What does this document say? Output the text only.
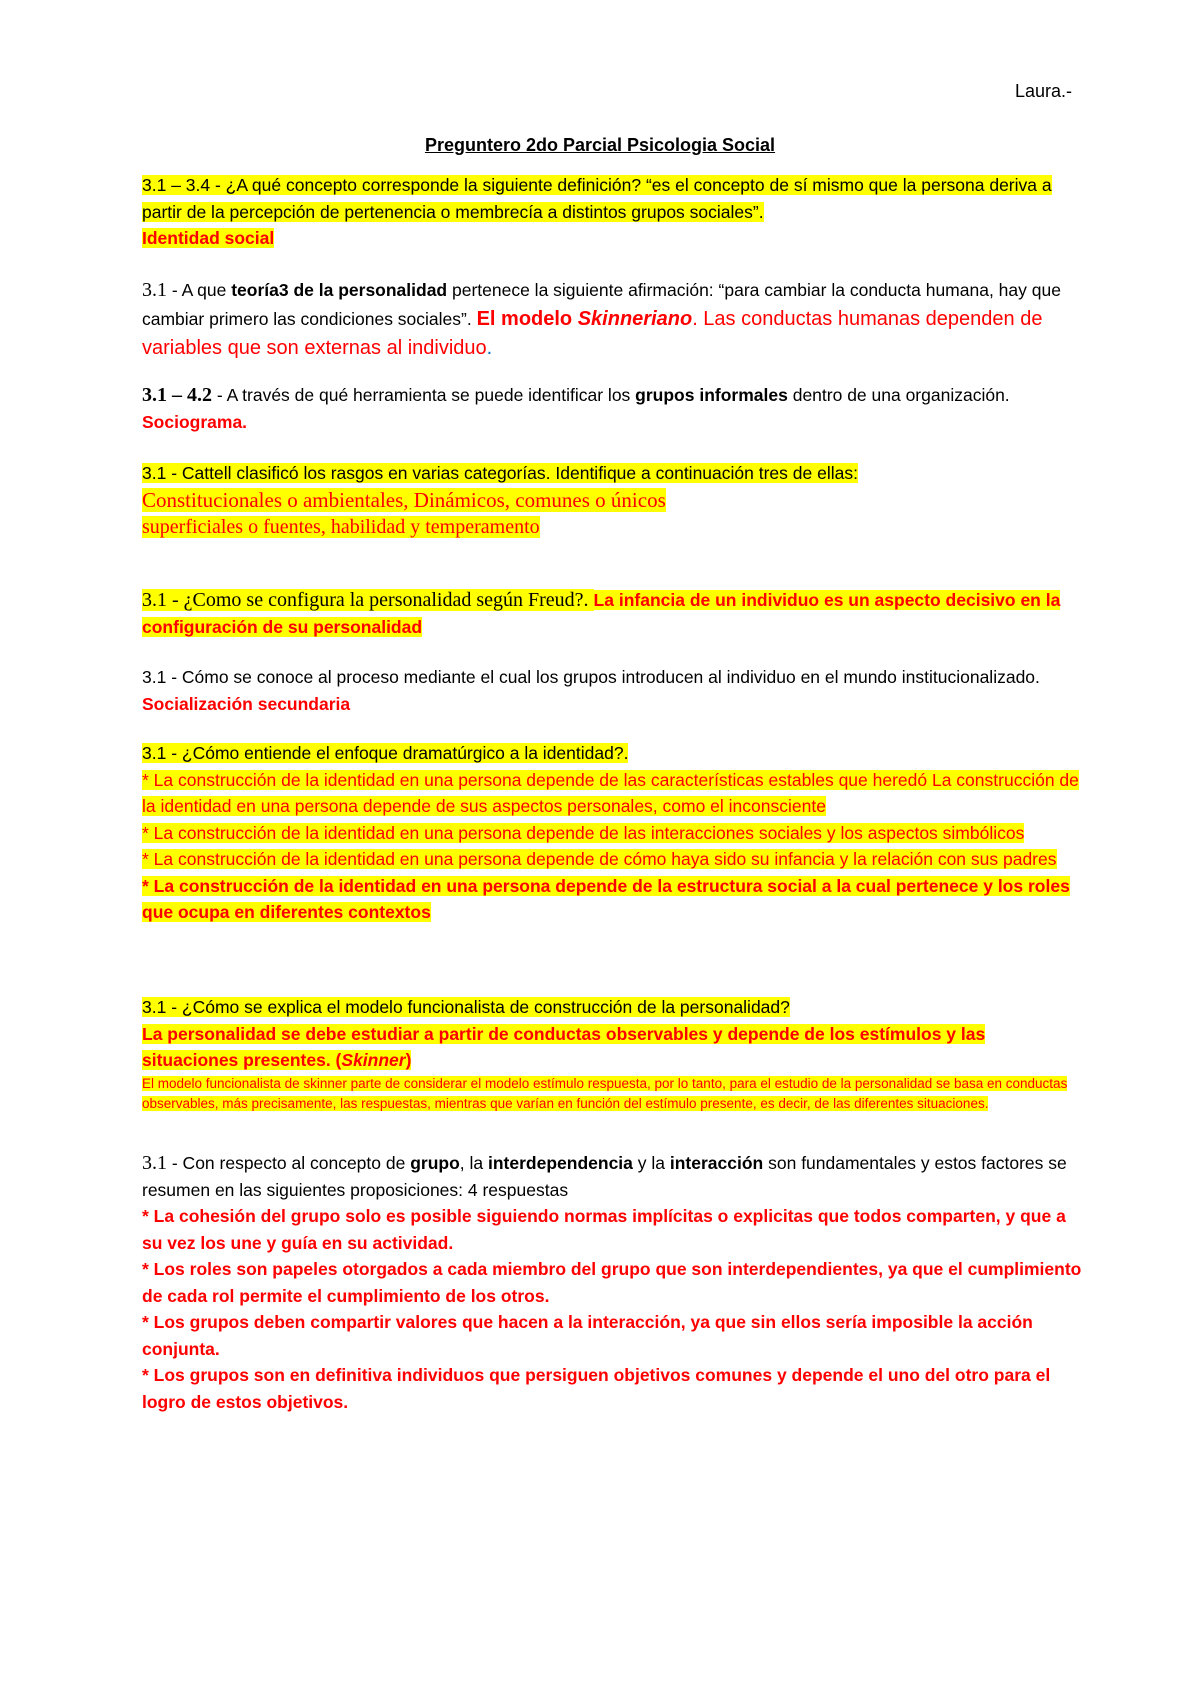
Laura.-
Preguntero 2do Parcial Psicologia Social
3.1 – 3.4 - ¿A qué concepto corresponde la siguiente definición? “es el concepto de sí mismo que la persona deriva a partir de la percepción de pertenencia o membrecía a distintos grupos sociales”.
Identidad social
3.1 - A que teoría3 de la personalidad pertenece la siguiente afirmación: “para cambiar la conducta humana, hay que cambiar primero las condiciones sociales”. El modelo Skinneriano. Las conductas humanas dependen de variables que son externas al individuo.
3.1 – 4.2 - A través de qué herramienta se puede identificar los grupos informales dentro de una organización. Sociograma.
3.1 - Cattell clasificó los rasgos en varias categorías. Identifique a continuación tres de ellas:
Constitucionales o ambientales, Dinámicos, comunes o únicos
superficiales o fuentes, habilidad y temperamento
3.1 - ¿Como se configura la personalidad según Freud?. La infancia de un individuo es un aspecto decisivo en la configuración de su personalidad
3.1 - Cómo se conoce al proceso mediante el cual los grupos introducen al individuo en el mundo institucionalizado. Socialización secundaria
3.1 - ¿Cómo entiende el enfoque dramatúrgico a la identidad?.
* La construcción de la identidad en una persona depende de las características estables que heredó La construcción de la identidad en una persona depende de sus aspectos personales, como el inconsciente
* La construcción de la identidad en una persona depende de las interacciones sociales y los aspectos simbólicos
* La construcción de la identidad en una persona depende de cómo haya sido su infancia y la relación con sus padres
* La construcción de la identidad en una persona depende de la estructura social a la cual pertenece y los roles que ocupa en diferentes contextos
3.1 - ¿Cómo se explica el modelo funcionalista de construcción de la personalidad?
La personalidad se debe estudiar a partir de conductas observables y depende de los estímulos y las situaciones presentes. (Skinner)
El modelo funcionalista de skinner parte de considerar el modelo estímulo respuesta, por lo tanto, para el estudio de la personalidad se basa en conductas observables, más precisamente, las respuestas, mientras que varían en función del estímulo presente, es decir, de las diferentes situaciones.
3.1 - Con respecto al concepto de grupo, la interdependencia y la interacción son fundamentales y estos factores se resumen en las siguientes proposiciones: 4 respuestas
* La cohesión del grupo solo es posible siguiendo normas implícitas o explicitas que todos comparten, y que a su vez los une y guía en su actividad.
* Los roles son papeles otorgados a cada miembro del grupo que son interdependientes, ya que el cumplimiento de cada rol permite el cumplimiento de los otros.
* Los grupos deben compartir valores que hacen a la interacción, ya que sin ellos sería imposible la acción conjunta.
* Los grupos son en definitiva individuos que persiguen objetivos comunes y depende el uno del otro para el logro de estos objetivos.
